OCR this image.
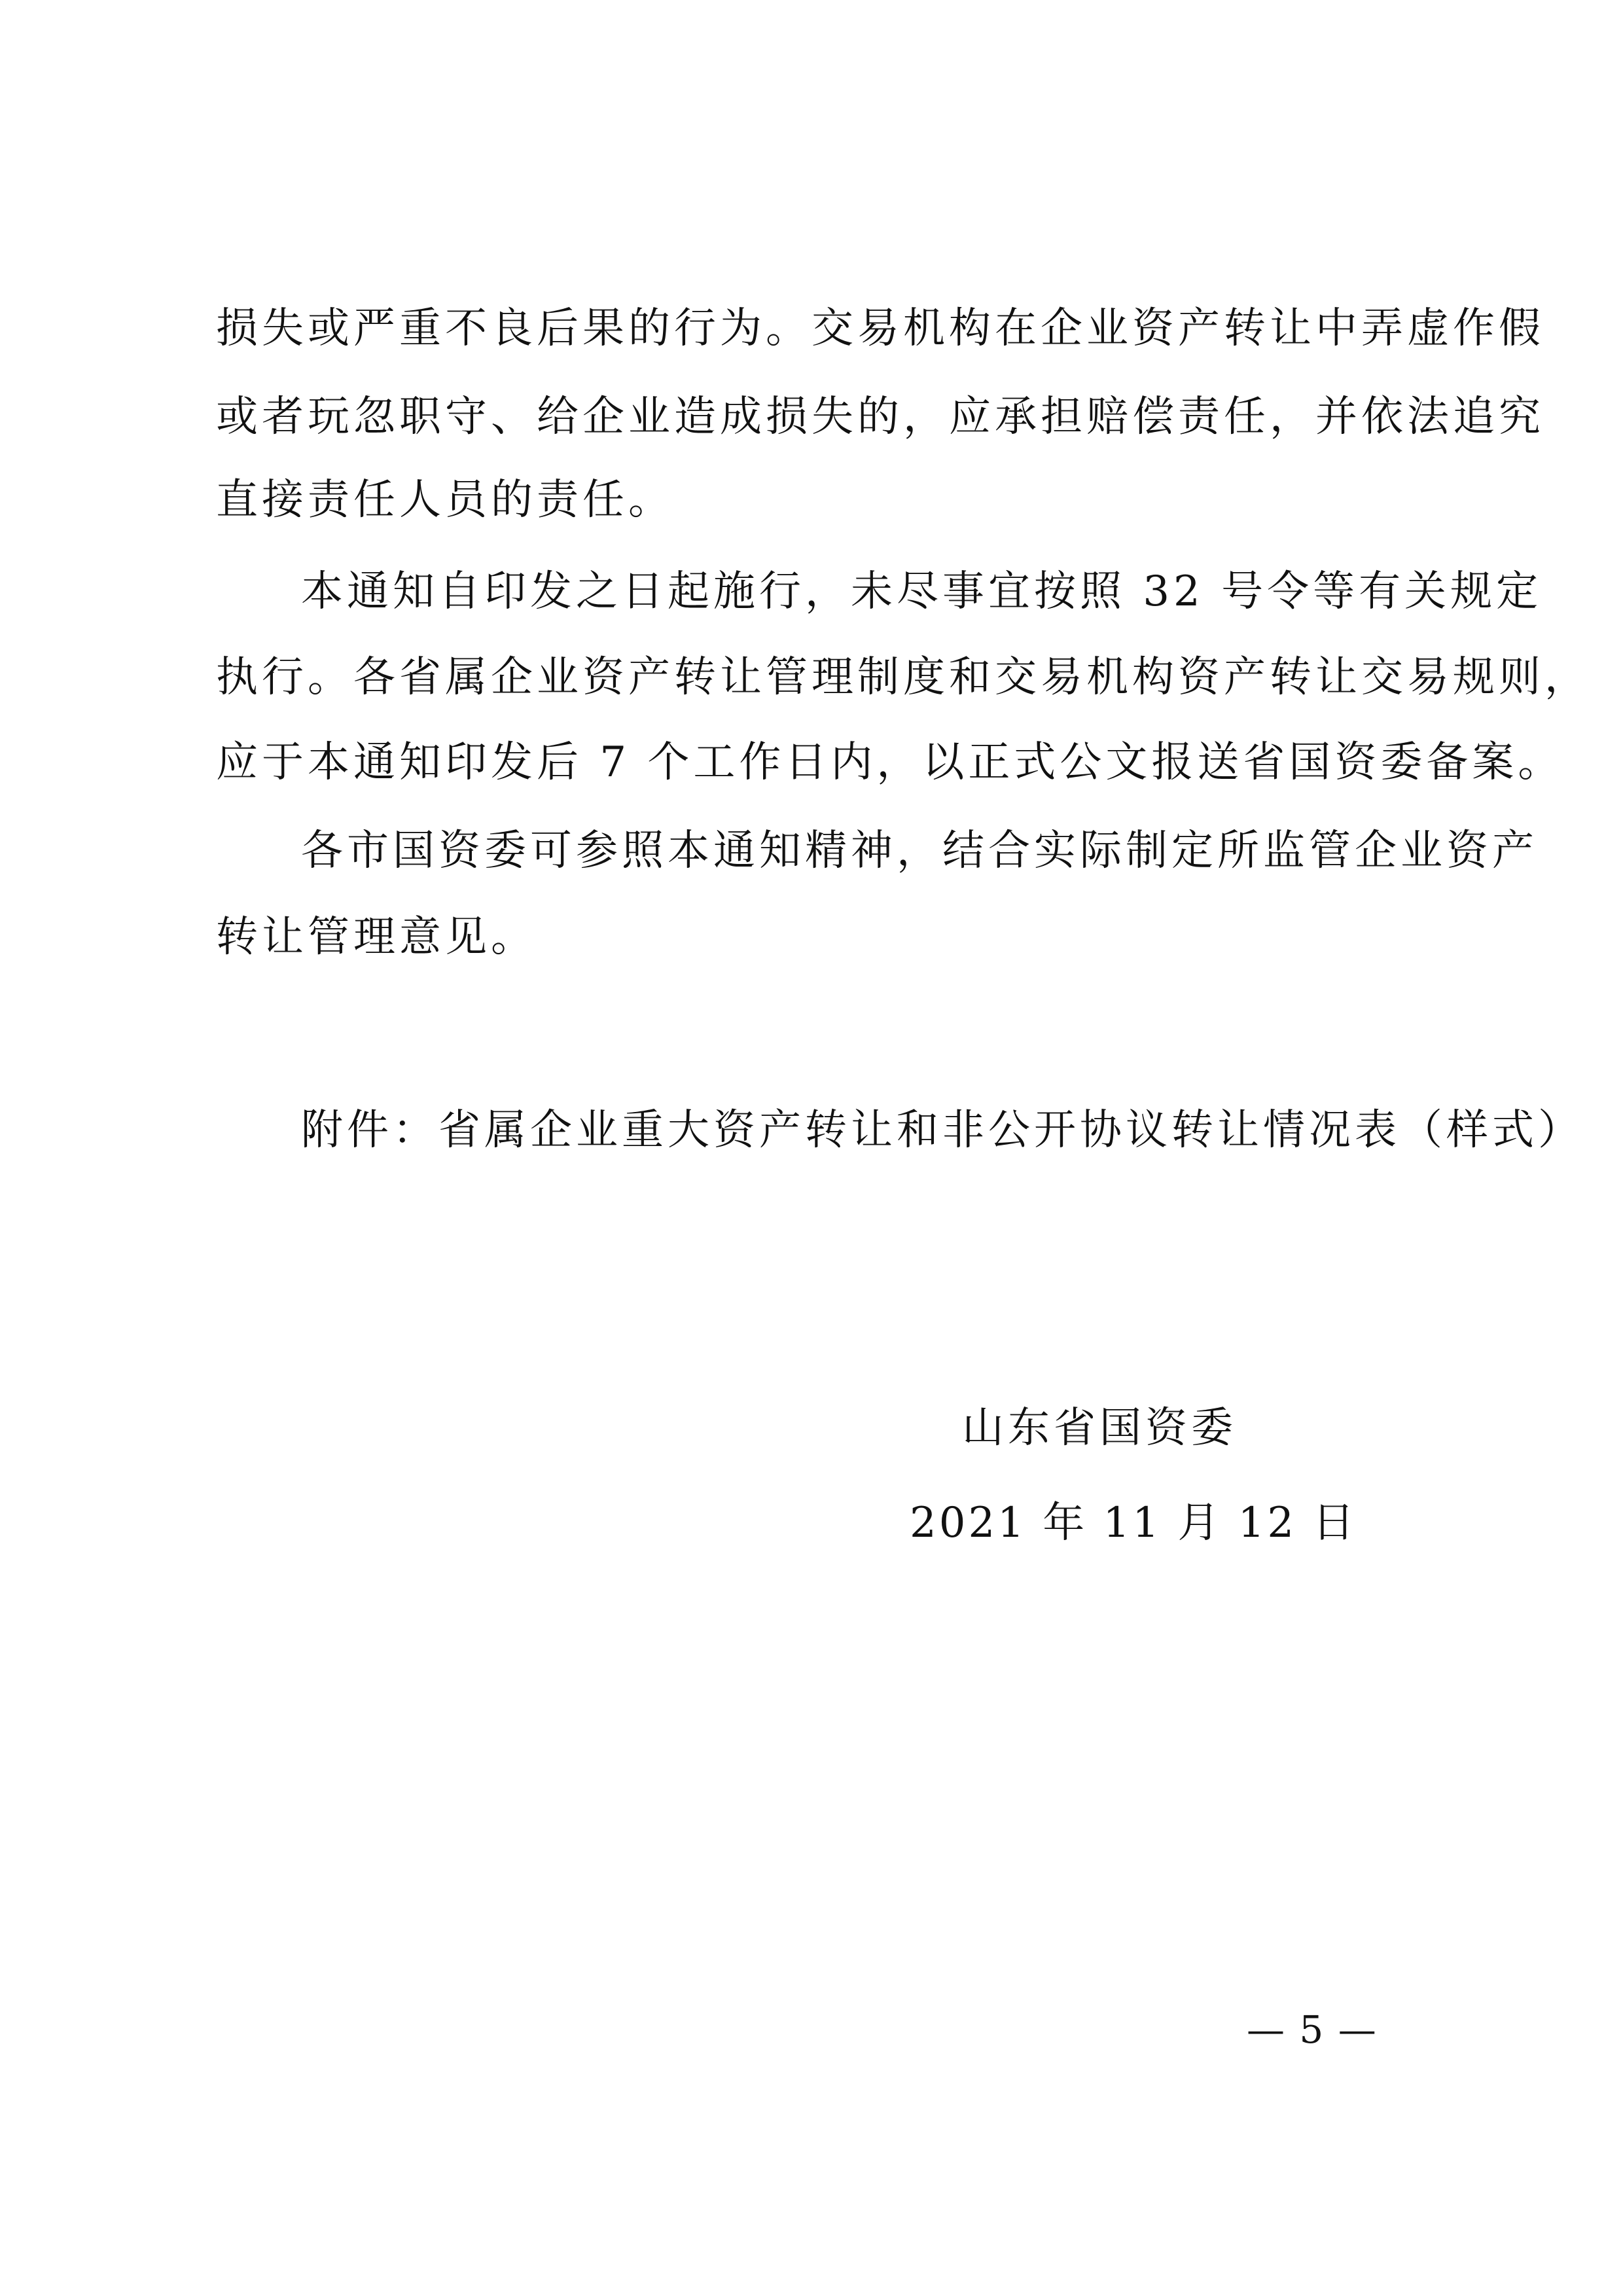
损失或严重不良后果的行为。交易机构在企业资产转让中弄虚作假
或者玩忽职守、给企业造成损失的，应承担赔偿责任，并依法追究
直接责任人员的责任。
本通知自印发之日起施行，未尽事宜按照 32 号令等有关规定
执行。各省属企业资产转让管理制度和交易机构资产转让交易规则，
应于本通知印发后 7 个工作日内，以正式公文报送省国资委备案。
各市国资委可参照本通知精神，结合实际制定所监管企业资产
转让管理意见。
附件：省属企业重大资产转让和非公开协议转让情况表（样式）
山东省国资委
2021 年 11 月 12 日
— 5 —
